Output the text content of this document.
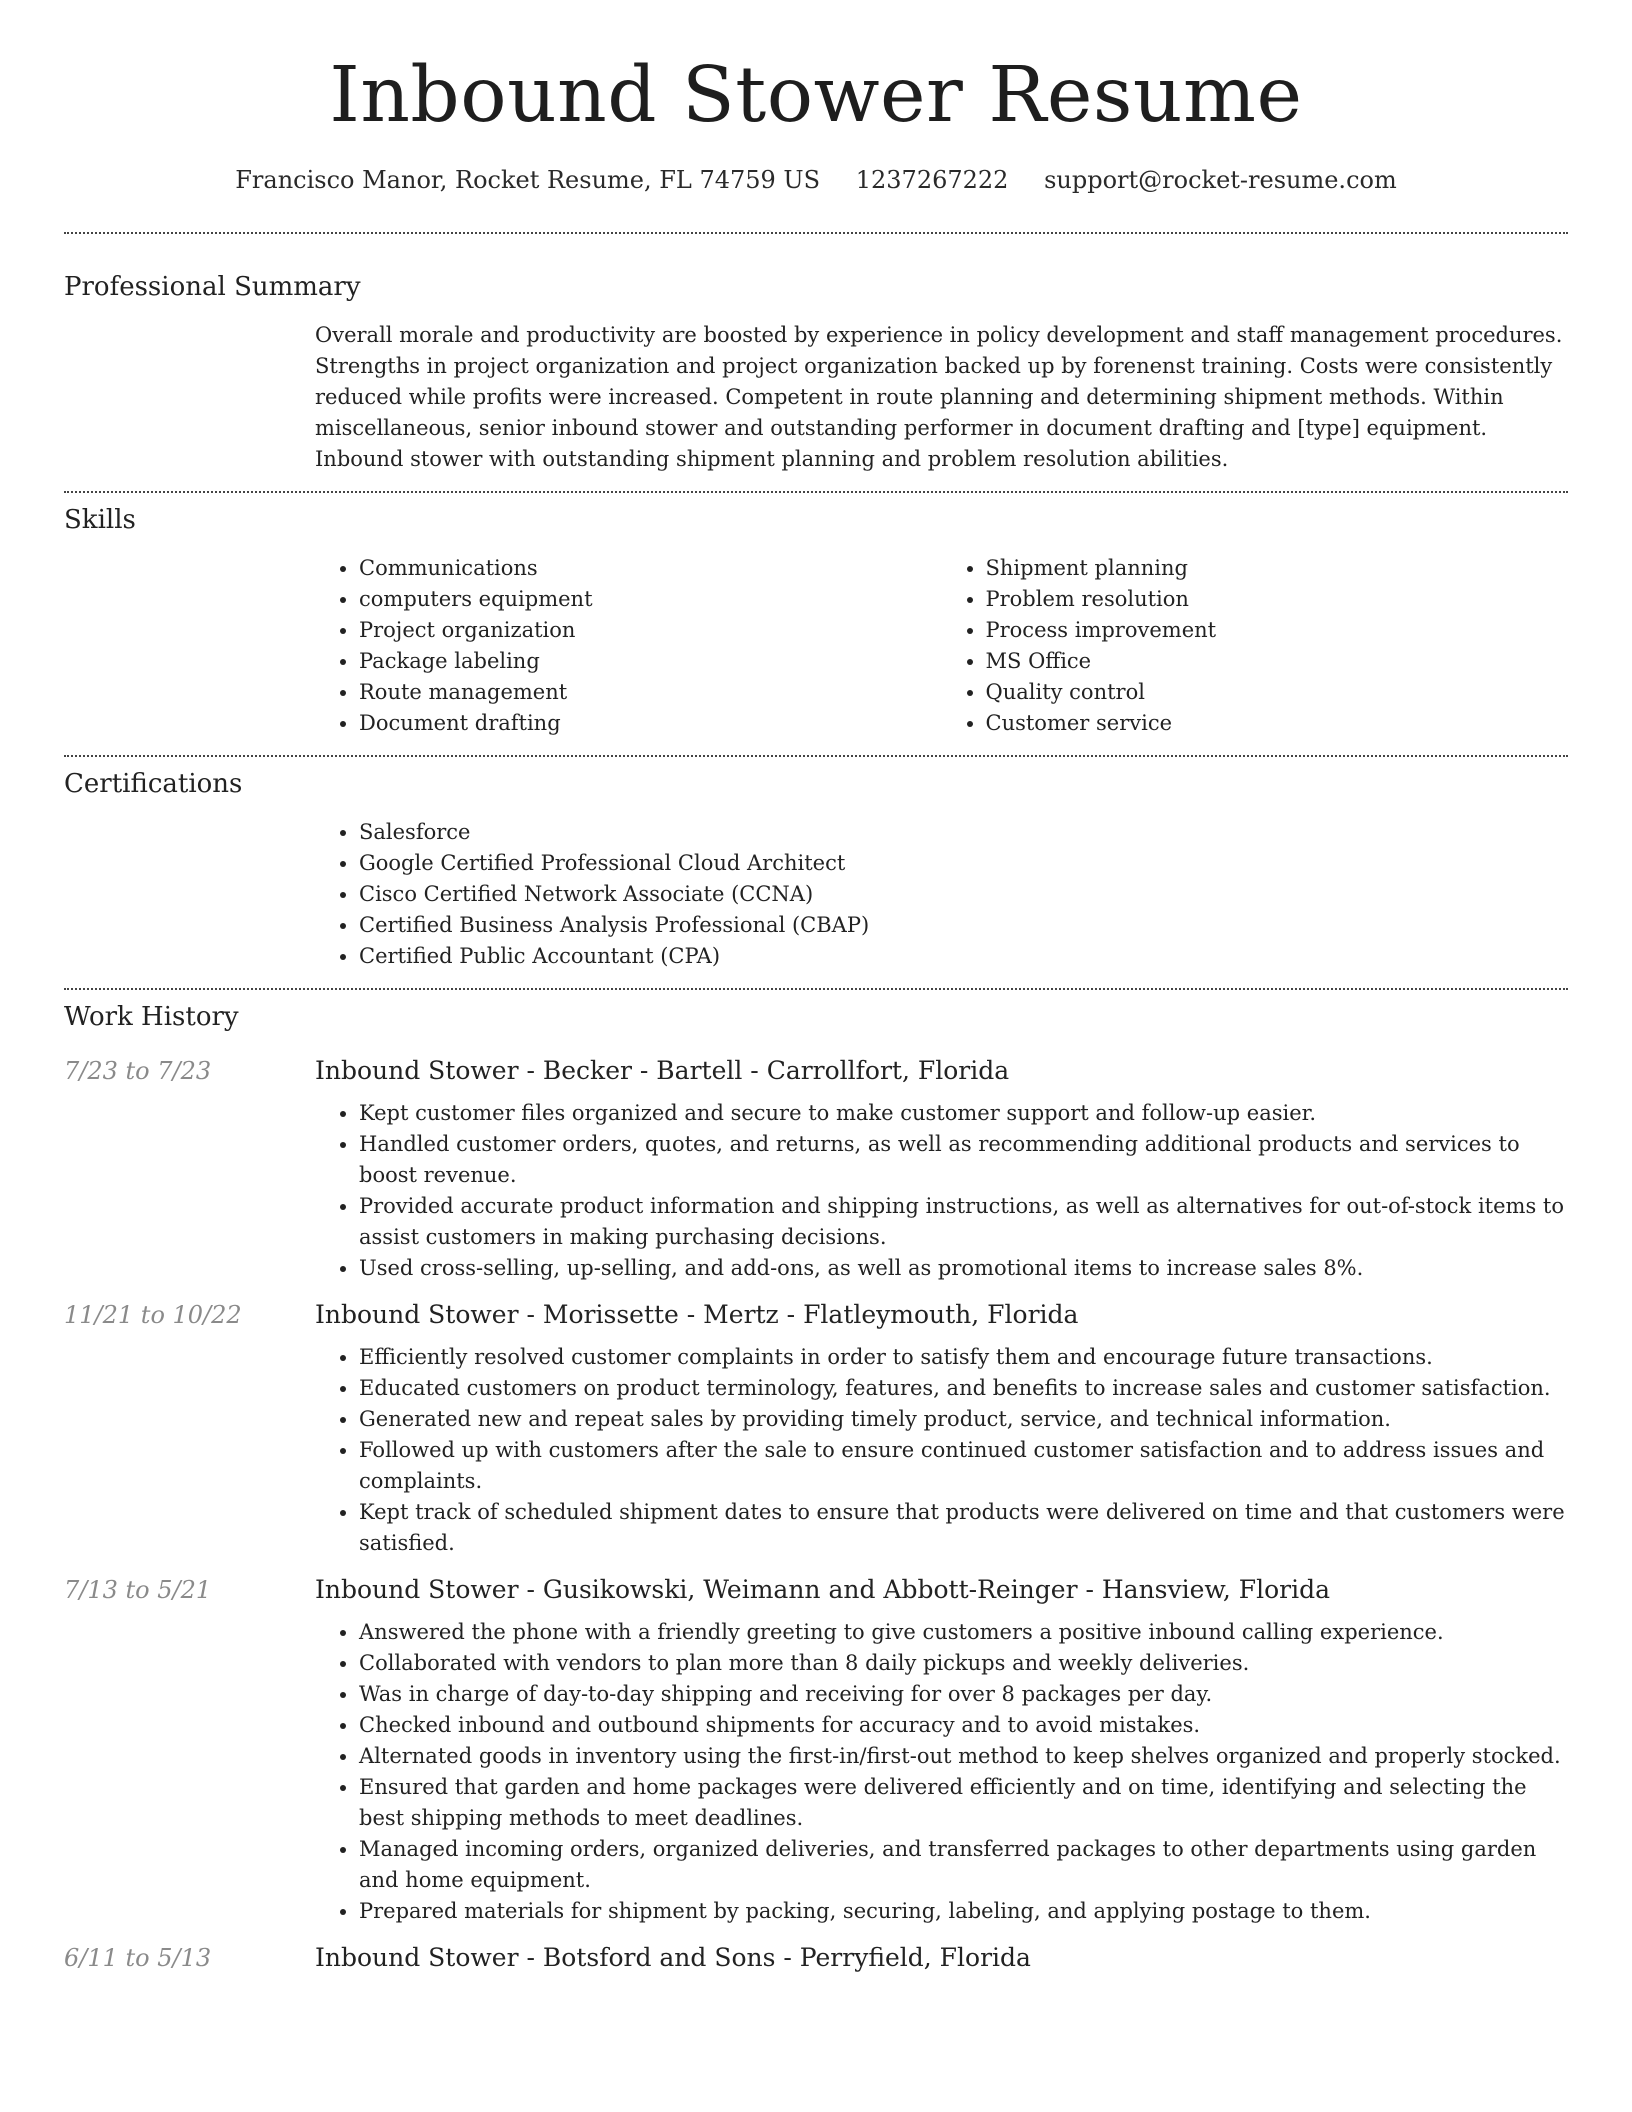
Inbound Stower Resume
Francisco Manor, Rocket Resume, FL 74759 US 1237267222 support@rocket-resume.com
Professional Summary

Overall morale and productivity are boosted by experience in policy development and staff management procedures. Strengths in project organization and project organization backed up by forenenst training. Costs were consistently reduced while profits were increased. Competent in route planning and determining shipment methods. Within miscellaneous, senior inbound stower and outstanding performer in document drafting and [type] equipment. Inbound stower with outstanding shipment planning and problem resolution abilities.

Skills
• Communications
• computers equipment
• Project organization
• Package labeling
• Route management
• Document drafting
• Shipment planning
• Problem resolution
• Process improvement
• MS Office
• Quality control
• Customer service
Certifications
• Salesforce
• Google Certified Professional Cloud Architect
• Cisco Certified Network Associate (CCNA)
• Certified Business Analysis Professional (CBAP)
• Certified Public Accountant (CPA)
Work History
7/23 to 7/23	Inbound Stower - Becker - Bartell - Carrollfort, Florida
• Kept customer files organized and secure to make customer support and follow-up easier.
• Handled customer orders, quotes, and returns, as well as recommending additional products and services to boost revenue.
• Provided accurate product information and shipping instructions, as well as alternatives for out-of-stock items to assist customers in making purchasing decisions.
• Used cross-selling, up-selling, and add-ons, as well as promotional items to increase sales 8%.
11/21 to 10/22	Inbound Stower - Morissette - Mertz - Flatleymouth, Florida
• Efficiently resolved customer complaints in order to satisfy them and encourage future transactions.
• Educated customers on product terminology, features, and benefits to increase sales and customer satisfaction.
• Generated new and repeat sales by providing timely product, service, and technical information.
• Followed up with customers after the sale to ensure continued customer satisfaction and to address issues and complaints.
• Kept track of scheduled shipment dates to ensure that products were delivered on time and that customers were satisfied.
7/13 to 5/21	Inbound Stower - Gusikowski, Weimann and Abbott-Reinger - Hansview, Florida
• Answered the phone with a friendly greeting to give customers a positive inbound calling experience.
• Collaborated with vendors to plan more than 8 daily pickups and weekly deliveries.
• Was in charge of day-to-day shipping and receiving for over 8 packages per day.
• Checked inbound and outbound shipments for accuracy and to avoid mistakes.
• Alternated goods in inventory using the first-in/first-out method to keep shelves organized and properly stocked.
• Ensured that garden and home packages were delivered efficiently and on time, identifying and selecting the best shipping methods to meet deadlines.
• Managed incoming orders, organized deliveries, and transferred packages to other departments using garden and home equipment.
• Prepared materials for shipment by packing, securing, labeling, and applying postage to them.
6/11 to 5/13	Inbound Stower - Botsford and Sons - Perryfield, Florida
